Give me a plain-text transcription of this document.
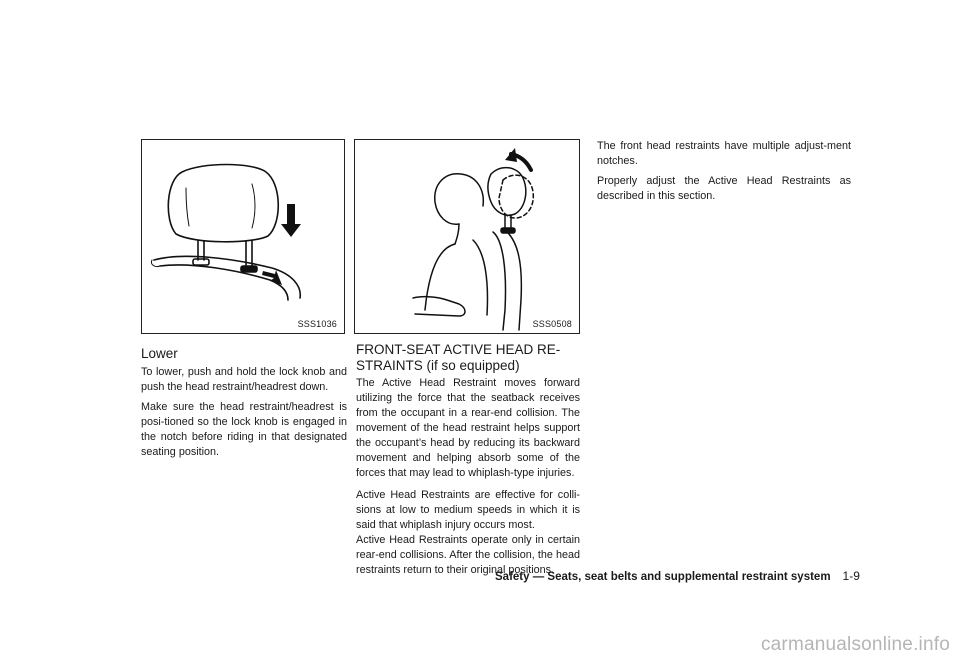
SSS1036	SSS0508
Lower

To lower, push and hold the lock knob and push the head restraint/headrest down.

Make sure the head restraint/headrest is posi-tioned so the lock knob is engaged in the notch before riding in that designated seating position.

FRONT-SEAT ACTIVE HEAD RE-
STRAINTS (if so equipped)

The Active Head Restraint moves forward utilizing the force that the seatback receives from the occupant in a rear-end collision. The movement of the head restraint helps support the occupant’s head by reducing its backward movement and helping absorb some of the forces that may lead to whiplash-type injuries.

Active Head Restraints are effective for colli-sions at low to medium speeds in which it is said that whiplash injury occurs most.

Active Head Restraints operate only in certain rear-end collisions. After the collision, the head restraints return to their original positions.

The front head restraints have multiple adjust-ment notches.

Properly adjust the Active Head Restraints as described in this section.

Safety — Seats, seat belts and supplemental restraint system 1-9
carmanualsonline.info
